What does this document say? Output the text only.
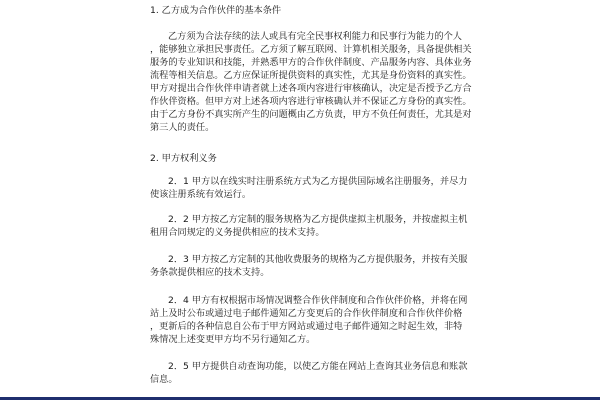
1. 乙方成为合作伙伴的基本条件
乙方须为合法存续的法人或具有完全民事权利能力和民事行为能力的个人
，能够独立承担民事责任。乙方须了解互联网、计算机相关服务，具备提供相关
服务的专业知识和技能，并熟悉甲方的合作伙伴制度、产品服务内容、具体业务
流程等相关信息。乙方应保证所提供资料的真实性，尤其是身份资料的真实性。
甲方对提出合作伙伴申请者就上述各项内容进行审核确认，决定是否授予乙方合
作伙伴资格。但甲方对上述各项内容进行审核确认并不保证乙方身份的真实性。
由于乙方身份不真实所产生的问题概由乙方负责，甲方不负任何责任，尤其是对
第三人的责任。
2. 甲方权利义务
2．1 甲方以在线实时注册系统方式为乙方提供国际域名注册服务，并尽力
使该注册系统有效运行。
2．2 甲方按乙方定制的服务规格为乙方提供虚拟主机服务，并按虚拟主机
租用合同规定的义务提供相应的技术支持。
2．3 甲方按乙方定制的其他收费服务的规格为乙方提供服务，并按有关服
务条款提供相应的技术支持。
2．4 甲方有权根据市场情况调整合作伙伴制度和合作伙伴价格，并将在网
站上及时公布或通过电子邮件通知乙方变更后的合作伙伴制度和合作伙伴价格
，更新后的各种信息自公布于甲方网站或通过电子邮件通知之时起生效，非特
殊情况上述变更甲方均不另行通知乙方。
2．5 甲方提供自动查询功能，以使乙方能在网站上查询其业务信息和账款
信息。
